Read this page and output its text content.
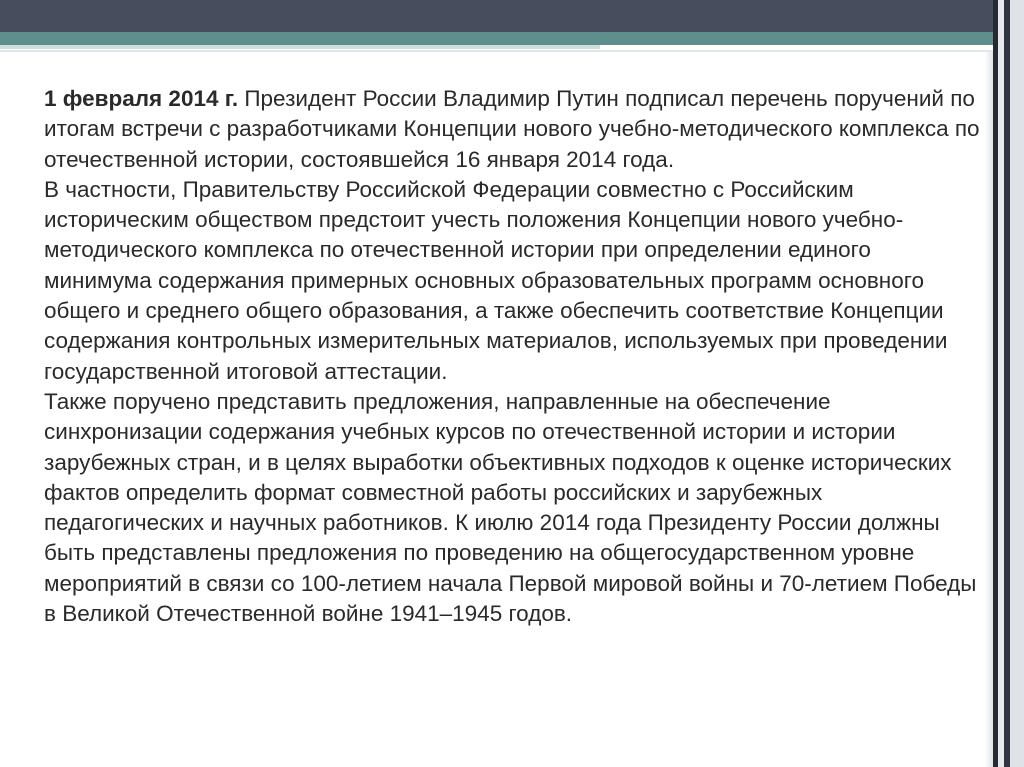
1 февраля 2014 г. Президент России Владимир Путин подписал перечень поручений по итогам встречи с разработчиками Концепции нового учебно-методического комплекса по отечественной истории, состоявшейся 16 января 2014 года.

В частности, Правительству Российской Федерации совместно с Российским историческим обществом предстоит учесть положения Концепции нового учебно-методического комплекса по отечественной истории при определении единого минимума содержания примерных основных образовательных программ основного общего и среднего общего образования, а также обеспечить соответствие Концепции содержания контрольных измерительных материалов, используемых при проведении государственной итоговой аттестации.

Также поручено представить предложения, направленные на обеспечение синхронизации содержания учебных курсов по отечественной истории и истории зарубежных стран, и в целях выработки объективных подходов к оценке исторических фактов определить формат совместной работы российских и зарубежных педагогических и научных работников. К июлю 2014 года Президенту России должны быть представлены предложения по проведению на общегосударственном уровне мероприятий в связи со 100-летием начала Первой мировой войны и 70-летием Победы в Великой Отечественной войне 1941–1945 годов.
